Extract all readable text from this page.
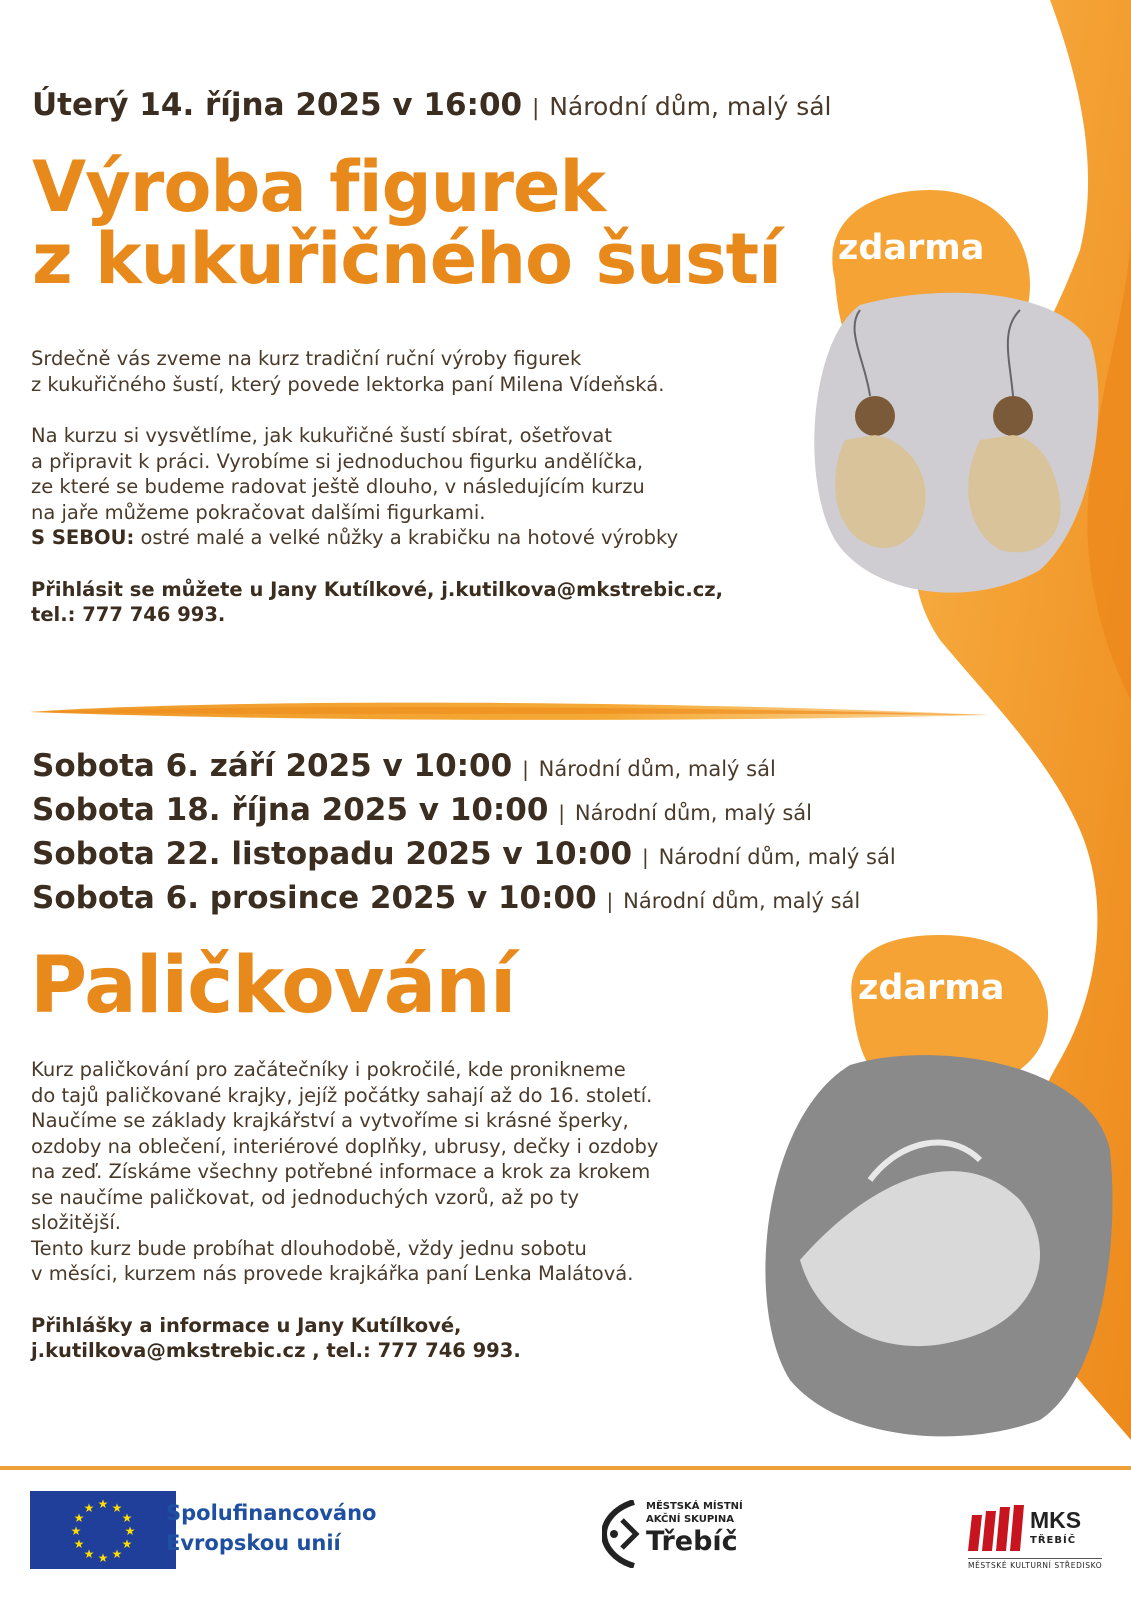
Úterý 14. října 2025 v 16:00 | Národní dům, malý sál
Výroba figurek
z kukuřičného šustí zdarma

Srdečně vás zveme na kurz tradiční ruční výroby figurek

z kukuřičného šustí, který povede lektorka paní Milena Vídeňská.

Na kurzu si vysvětlíme, jak kukuřičné šustí sbírat, ošetřovat

a připravit k práci. Vyrobíme si jednoduchou figurku andělíčka,

ze které se budeme radovat ještě dlouho, v následujícím kurzu

na jaře můžeme pokračovat dalšími figurkami.

S SEBOU: ostré malé a velké nůžky a krabičku na hotové výrobky

Přihlásit se můžete u Jany Kutílkové, j.kutilkova@mkstrebic.cz,

tel.: 777 746 993.

Sobota 6. září 2025 v 10:00 | Národní dům, malý sál
Sobota 18. října 2025 v 10:00 | Národní dům, malý sál
Sobota 22. listopadu 2025 v 10:00 | Národní dům, malý sál
Sobota 6. prosince 2025 v 10:00 | Národní dům, malý sál
Paličkování	zdarma

Kurz paličkování pro začátečníky i pokročilé, kde pronikneme

do tajů paličkované krajky, jejíž počátky sahají až do 16. století.

Naučíme se základy krajkářství a vytvoříme si krásné šperky,

ozdoby na oblečení, interiérové doplňky, ubrusy, dečky i ozdoby

na zeď. Získáme všechny potřebné informace a krok za krokem

se naučíme paličkovat, od jednoduchých vzorů, až po ty

složitější.

Tento kurz bude probíhat dlouhodobě, vždy jednu sobotu

v měsíci, kurzem nás provede krajkářka paní Lenka Malátová.

Přihlášky a informace u Jany Kutílkové,

j.kutilkova@mkstrebic.cz , tel.: 777 746 993.

★ ★
★
★
★
★
★
★
★
★
★
★	Spolufinancováno
Evropskou unií
MĚSTSKÁ MÍSTNÍ
AKČNÍ SKUPINA
Třebíč
MKS
TŘEBÍČ
MĚSTSKÉ KULTURNÍ STŘEDISKO
